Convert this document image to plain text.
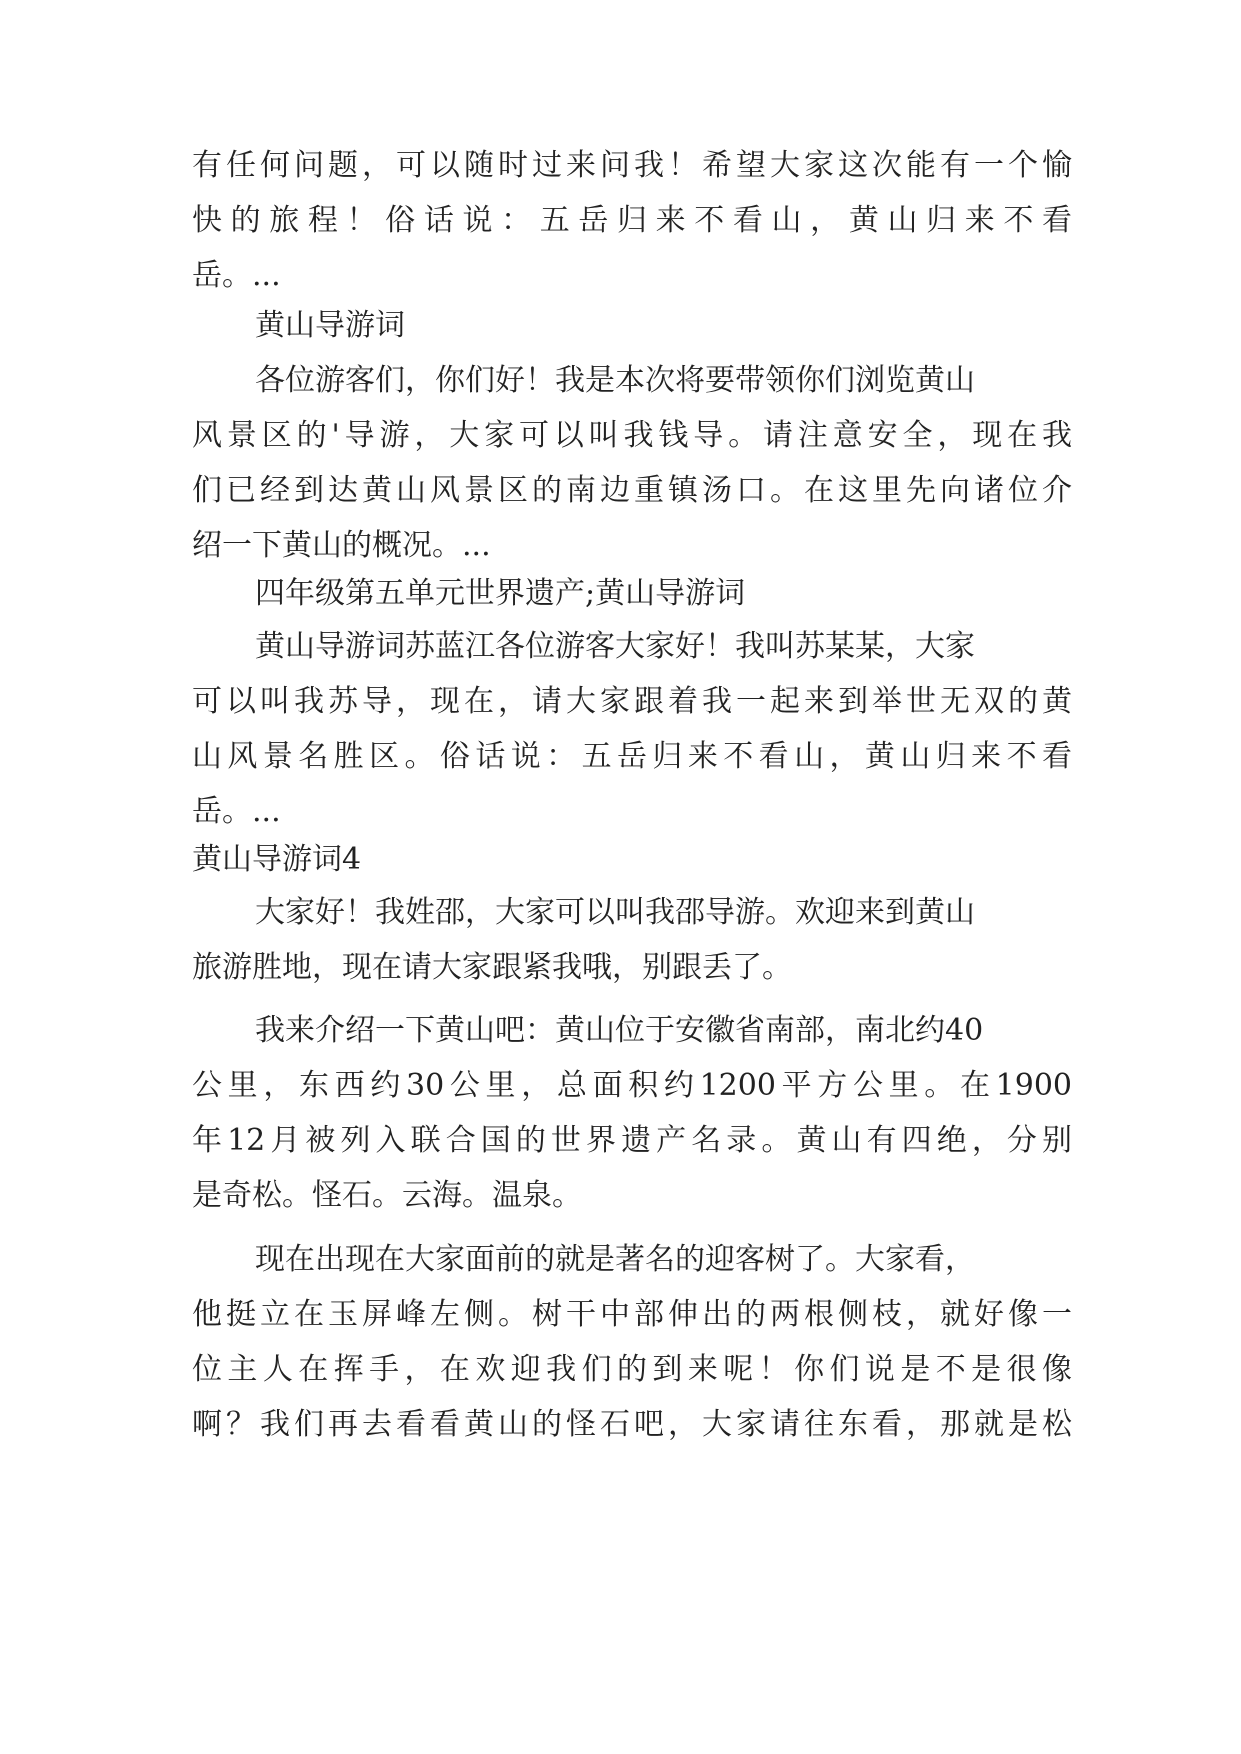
有任何问题，可以随时过来问我！希望大家这次能有一个愉
快的旅程！俗话说：五岳归来不看山，黄山归来不看
岳。...
黄山导游词
各位游客们，你们好！我是本次将要带领你们浏览黄山
风景区的'导游，大家可以叫我钱导。请注意安全，现在我
们已经到达黄山风景区的南边重镇汤口。在这里先向诸位介
绍一下黄山的概况。...
四年级第五单元世界遗产;黄山导游词
黄山导游词苏蓝江各位游客大家好！我叫苏某某，大家
可以叫我苏导，现在，请大家跟着我一起来到举世无双的黄
山风景名胜区。俗话说：五岳归来不看山，黄山归来不看
岳。...
黄山导游词4
大家好！我姓邵，大家可以叫我邵导游。欢迎来到黄山
旅游胜地，现在请大家跟紧我哦，别跟丢了。
我来介绍一下黄山吧：黄山位于安徽省南部，南北约40
公里，东西约30公里，总面积约1200平方公里。在1900
年12月被列入联合国的世界遗产名录。黄山有四绝，分别
是奇松。怪石。云海。温泉。
现在出现在大家面前的就是著名的迎客树了。大家看，
他挺立在玉屏峰左侧。树干中部伸出的两根侧枝，就好像一
位主人在挥手，在欢迎我们的到来呢！你们说是不是很像
啊？我们再去看看黄山的怪石吧，大家请往东看，那就是松
